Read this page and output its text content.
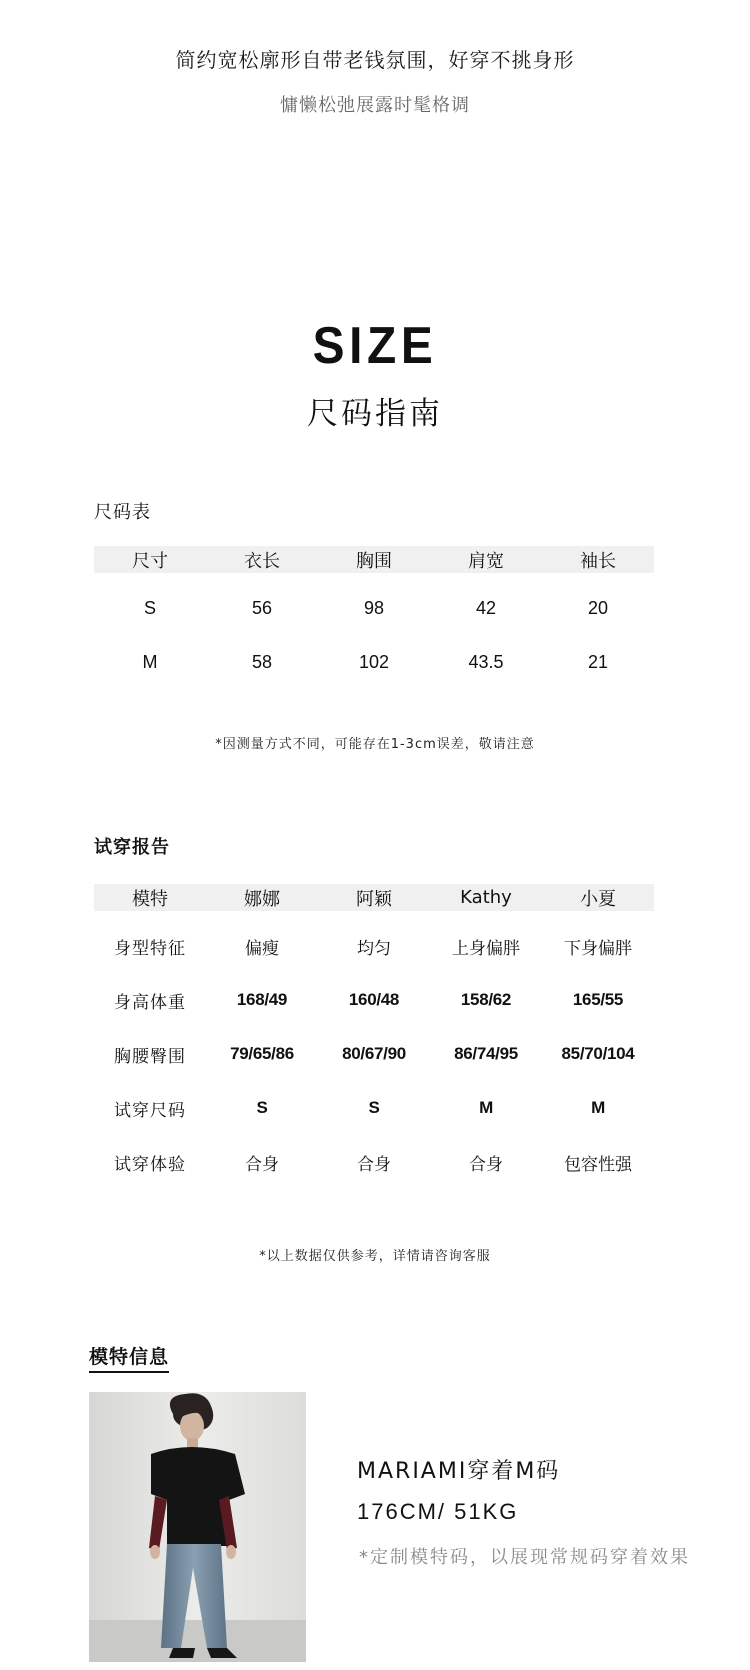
简约宽松廓形自带老钱氛围，好穿不挑身形
慵懒松弛展露时髦格调
SIZE
尺码指南
尺码表
尺寸	衣长	胸围	肩宽	袖长
S	56	98	42	20
M	58	102	43.5	21
*因测量方式不同，可能存在1-3cm误差，敬请注意
试穿报告
模特	娜娜	阿颖	Kathy	小夏
身型特征	偏瘦	均匀	上身偏胖	下身偏胖
身高体重	168/49	160/48	158/62	165/55
胸腰臀围	79/65/86	80/67/90	86/74/95	85/70/104
试穿尺码	S	S	M	M
试穿体验	合身	合身	合身	包容性强
*以上数据仅供参考，详情请咨询客服
模特信息
MARIAMI穿着M码
176CM/ 51KG
*定制模特码，以展现常规码穿着效果
